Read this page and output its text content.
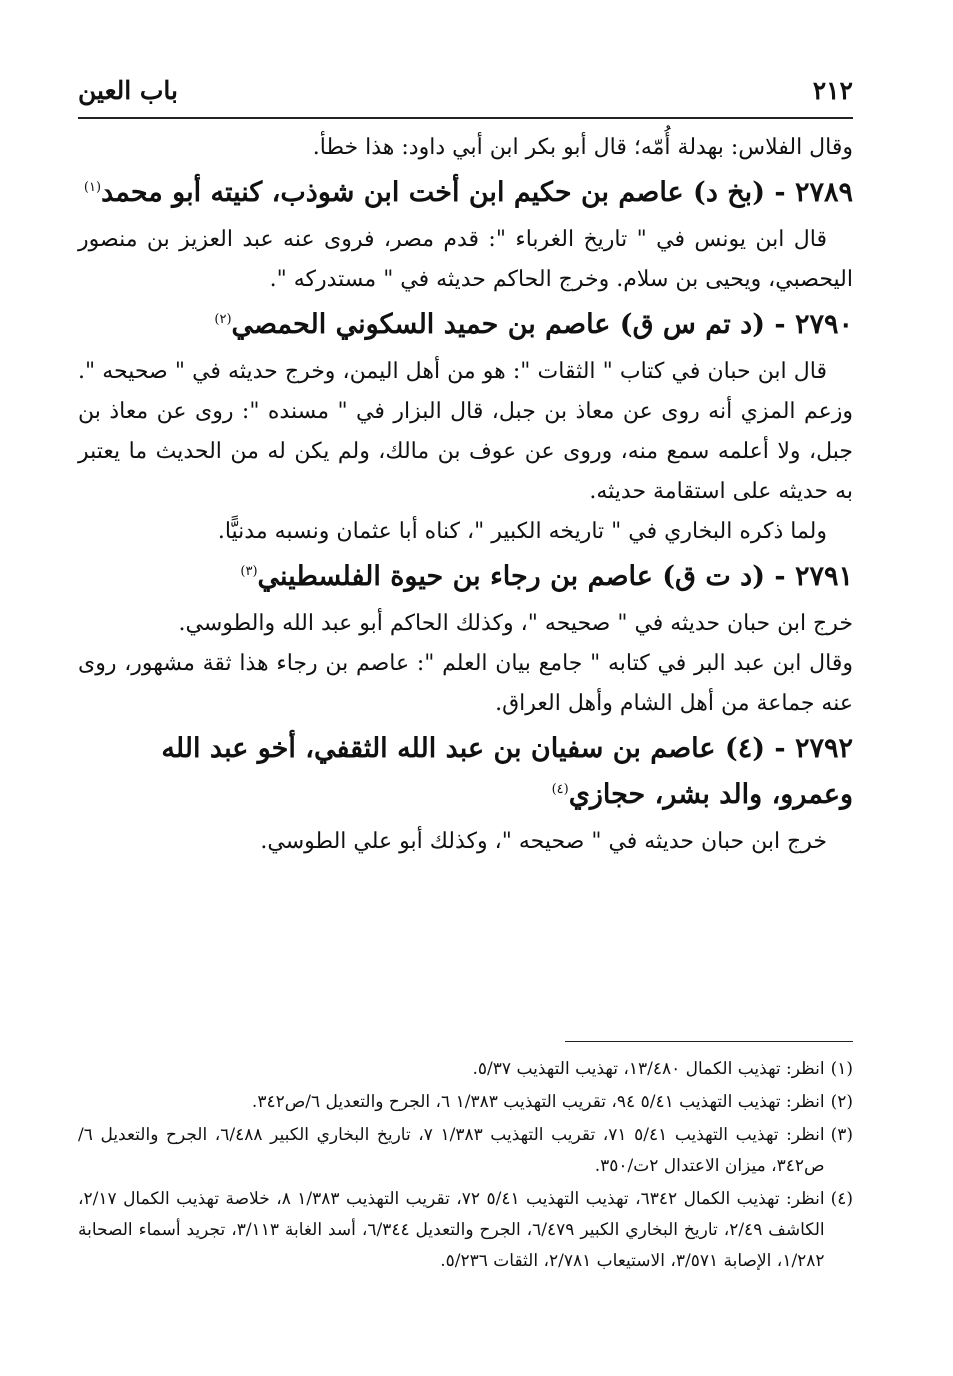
٢١٢
باب العين

وقال الفلاس: بهدلة أُمّه؛ قال أبو بكر ابن أبي داود: هذا خطأ.

٢٧٨٩ - (بخ د) عاصم بن حكيم ابن أخت ابن شوذب، كنيته أبو محمد$^{(١)}$

قال ابن يونس في " تاريخ الغرباء ": قدم مصر، فروى عنه عبد العزيز بن منصور اليحصبي، ويحيى بن سلام. وخرج الحاكم حديثه في " مستدركه ".

٢٧٩٠ - (د تم س ق) عاصم بن حميد السكوني الحمصي$^{(٢)}$

قال ابن حبان في كتاب " الثقات ": هو من أهل اليمن، وخرج حديثه في " صحيحه ". وزعم المزي أنه روى عن معاذ بن جبل، قال البزار في " مسنده ": روى عن معاذ بن جبل، ولا أعلمه سمع منه، وروى عن عوف بن مالك، ولم يكن له من الحديث ما يعتبر به حديثه على استقامة حديثه.

ولما ذكره البخاري في " تاريخه الكبير "، كناه أبا عثمان ونسبه مدنيًّا.

٢٧٩١ - (د ت ق) عاصم بن رجاء بن حيوة الفلسطيني$^{(٣)}$

خرج ابن حبان حديثه في " صحيحه "، وكذلك الحاكم أبو عبد الله والطوسي.

وقال ابن عبد البر في كتابه " جامع بيان العلم ": عاصم بن رجاء هذا ثقة مشهور، روى عنه جماعة من أهل الشام وأهل العراق.

٢٧٩٢ - (٤) عاصم بن سفيان بن عبد الله الثقفي، أخو عبد الله وعمرو، والد بشر، حجازي$^{(٤)}$

خرج ابن حبان حديثه في " صحيحه "، وكذلك أبو علي الطوسي.

(١)
انظر: تهذيب الكمال ١٣/٤٨٠، تهذيب التهذيب ٥/٣٧.
(٢)
انظر: تهذيب التهذيب ٥/٤١ ٩٤، تقريب التهذيب ١/٣٨٣ ٦، الجرح والتعديل ٦/ص٣٤٢.
(٣)
انظر: تهذيب التهذيب ٥/٤١ ٧١، تقريب التهذيب ١/٣٨٣ ٧، تاريخ البخاري الكبير ٦/٤٨٨، الجرح والتعديل ٦/ص٣٤٢، ميزان الاعتدال ٢ت/٣٥٠.
(٤)
انظر: تهذيب الكمال ٦٣٤٢، تهذيب التهذيب ٥/٤١ ٧٢، تقريب التهذيب ١/٣٨٣ ٨، خلاصة تهذيب الكمال ٢/١٧، الكاشف ٢/٤٩، تاريخ البخاري الكبير ٦/٤٧٩، الجرح والتعديل ٦/٣٤٤، أسد الغابة ٣/١١٣، تجريد أسماء الصحابة ١/٢٨٢، الإصابة ٣/٥٧١، الاستيعاب ٢/٧٨١، الثقات ٥/٢٣٦.
